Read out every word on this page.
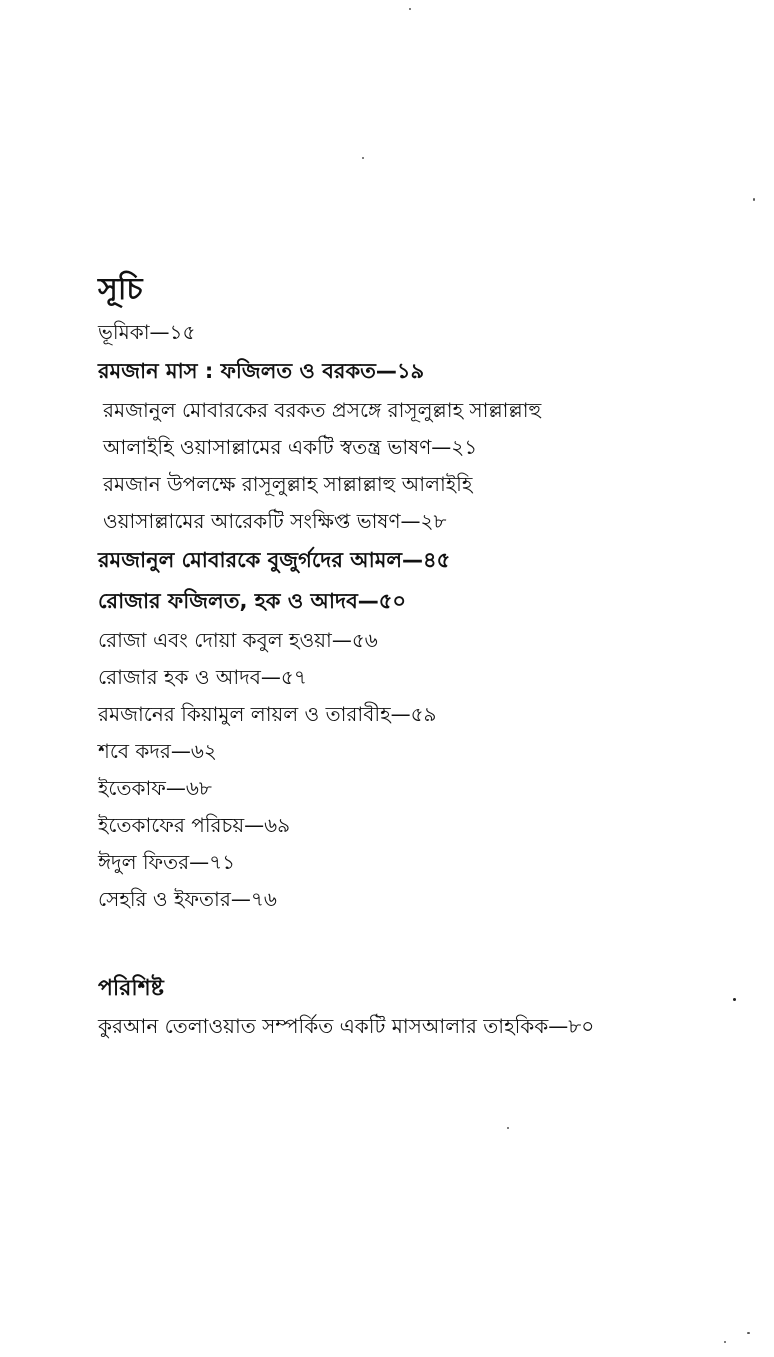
সূচি
ভূমিকা—১৫
রমজান মাস : ফজিলত ও বরকত—১৯
রমজানুল মোবারকের বরকত প্রসঙ্গে রাসূলুল্লাহ সাল্লাল্লাহু
আলাইহি ওয়াসাল্লামের একটি স্বতন্ত্র ভাষণ—২১
রমজান উপলক্ষে রাসূলুল্লাহ সাল্লাল্লাহু আলাইহি
ওয়াসাল্লামের আরেকটি সংক্ষিপ্ত ভাষণ—২৮
রমজানুল মোবারকে বুজুর্গদের আমল—৪৫
রোজার ফজিলত, হক ও আদব—৫০
রোজা এবং দোয়া কবুল হওয়া—৫৬
রোজার হক ও আদব—৫৭
রমজানের কিয়ামুল লায়ল ও তারাবীহ—৫৯
শবে কদর—৬২
ইতেকাফ—৬৮
ইতেকাফের পরিচয়—৬৯
ঈদুল ফিতর—৭১
সেহরি ও ইফতার—৭৬
পরিশিষ্ট
কুরআন তেলাওয়াত সম্পর্কিত একটি মাসআলার তাহকিক—৮০
